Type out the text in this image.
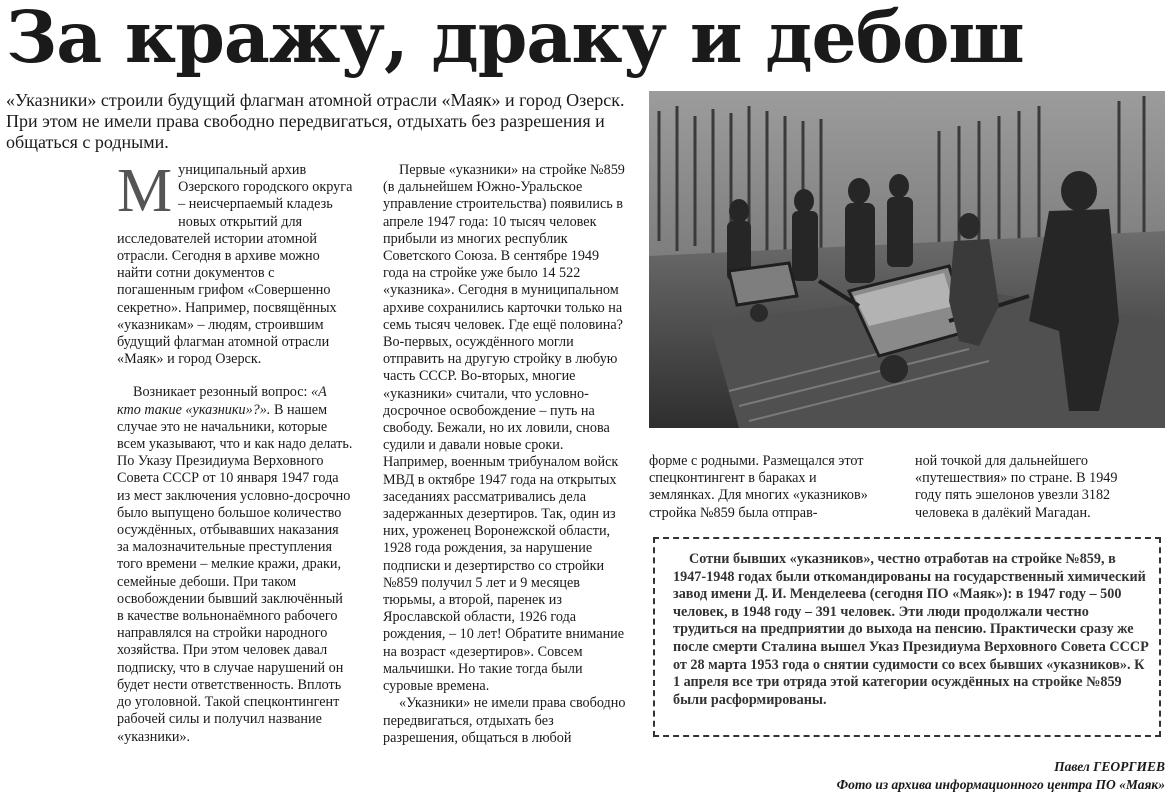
За кражу, драку и дебош

«Указники» строили будущий флагман атомной отрасли «Маяк» и город Озерск. При этом не имели права свободно передвигаться, отдыхать без разрешения и общаться с родными.

Муниципальный архив Озерского городского округа – неисчерпаемый кладезь новых открытий для исследователей истории атомной отрасли. Сегодня в архиве можно найти сотни документов с погашенным грифом «Совершенно секретно». Например, посвящённых «указникам» – людям, строившим будущий флагман атомной отрасли «Маяк» и город Озерск.

Возникает резонный вопрос: «А кто такие «указники»?». В нашем случае это не начальники, которые всем указывают, что и как надо делать. По Указу Президиума Верховного Совета СССР от 10 января 1947 года из мест заключения условно-досрочно было выпущено большое количество осуждённых, отбывавших наказания за малозначительные преступления того времени – мелкие кражи, драки, семейные дебоши. При таком освобождении бывший заключённый в качестве вольнонаёмного рабочего направлялся на стройки народного хозяйства. При этом человек давал подписку, что в случае нарушений он будет нести ответственность. Вплоть до уголовной. Такой спецконтингент рабочей силы и получил название «указники».

Первые «указники» на стройке №859 (в дальнейшем Южно-Уральское управление строительства) появились в апреле 1947 года: 10 тысяч человек прибыли из многих республик Советского Союза. В сентябре 1949 года на стройке уже было 14 522 «указника». Сегодня в муниципальном архиве сохранились карточки только на семь тысяч человек. Где ещё половина? Во-первых, осуждённого могли отправить на другую стройку в любую часть СССР. Во-вторых, многие «указники» считали, что условно-досрочное освобождение – путь на свободу. Бежали, но их ловили, снова судили и давали новые сроки. Например, военным трибуналом войск МВД в октябре 1947 года на открытых заседаниях рассматривались дела задержанных дезертиров. Так, один из них, уроженец Воронежской области, 1928 года рождения, за нарушение подписки и дезертирство со стройки №859 получил 5 лет и 9 месяцев тюрьмы, а второй, паренек из Ярославской области, 1926 года рождения, – 10 лет! Обратите внимание на возраст «дезертиров». Совсем мальчишки. Но такие тогда были суровые времена.

«Указники» не имели права свободно передвигаться, отдыхать без разрешения, общаться в любой

форме с родными. Размещался этот спецконтингент в бараках и землянках. Для многих «указников» стройка №859 была отправ-

ной точкой для дальнейшего «путешествия» по стране. В 1949 году пять эшелонов увезли 3182 человека в далёкий Магадан.

Сотни бывших «указников», честно отработав на стройке №859, в 1947-1948 годах были откомандированы на государственный химический завод имени Д. И. Менделеева (сегодня ПО «Маяк»): в 1947 году – 500 человек, в 1948 году – 391 человек. Эти люди продолжали честно трудиться на предприятии до выхода на пенсию. Практически сразу же после смерти Сталина вышел Указ Президиума Верховного Совета СССР от 28 марта 1953 года о снятии судимости со всех бывших «указников». К 1 апреля все три отряда этой категории осуждённых на стройке №859 были расформированы.

Павел ГЕОРГИЕВ
Фото из архива информационного центра ПО «Маяк»
